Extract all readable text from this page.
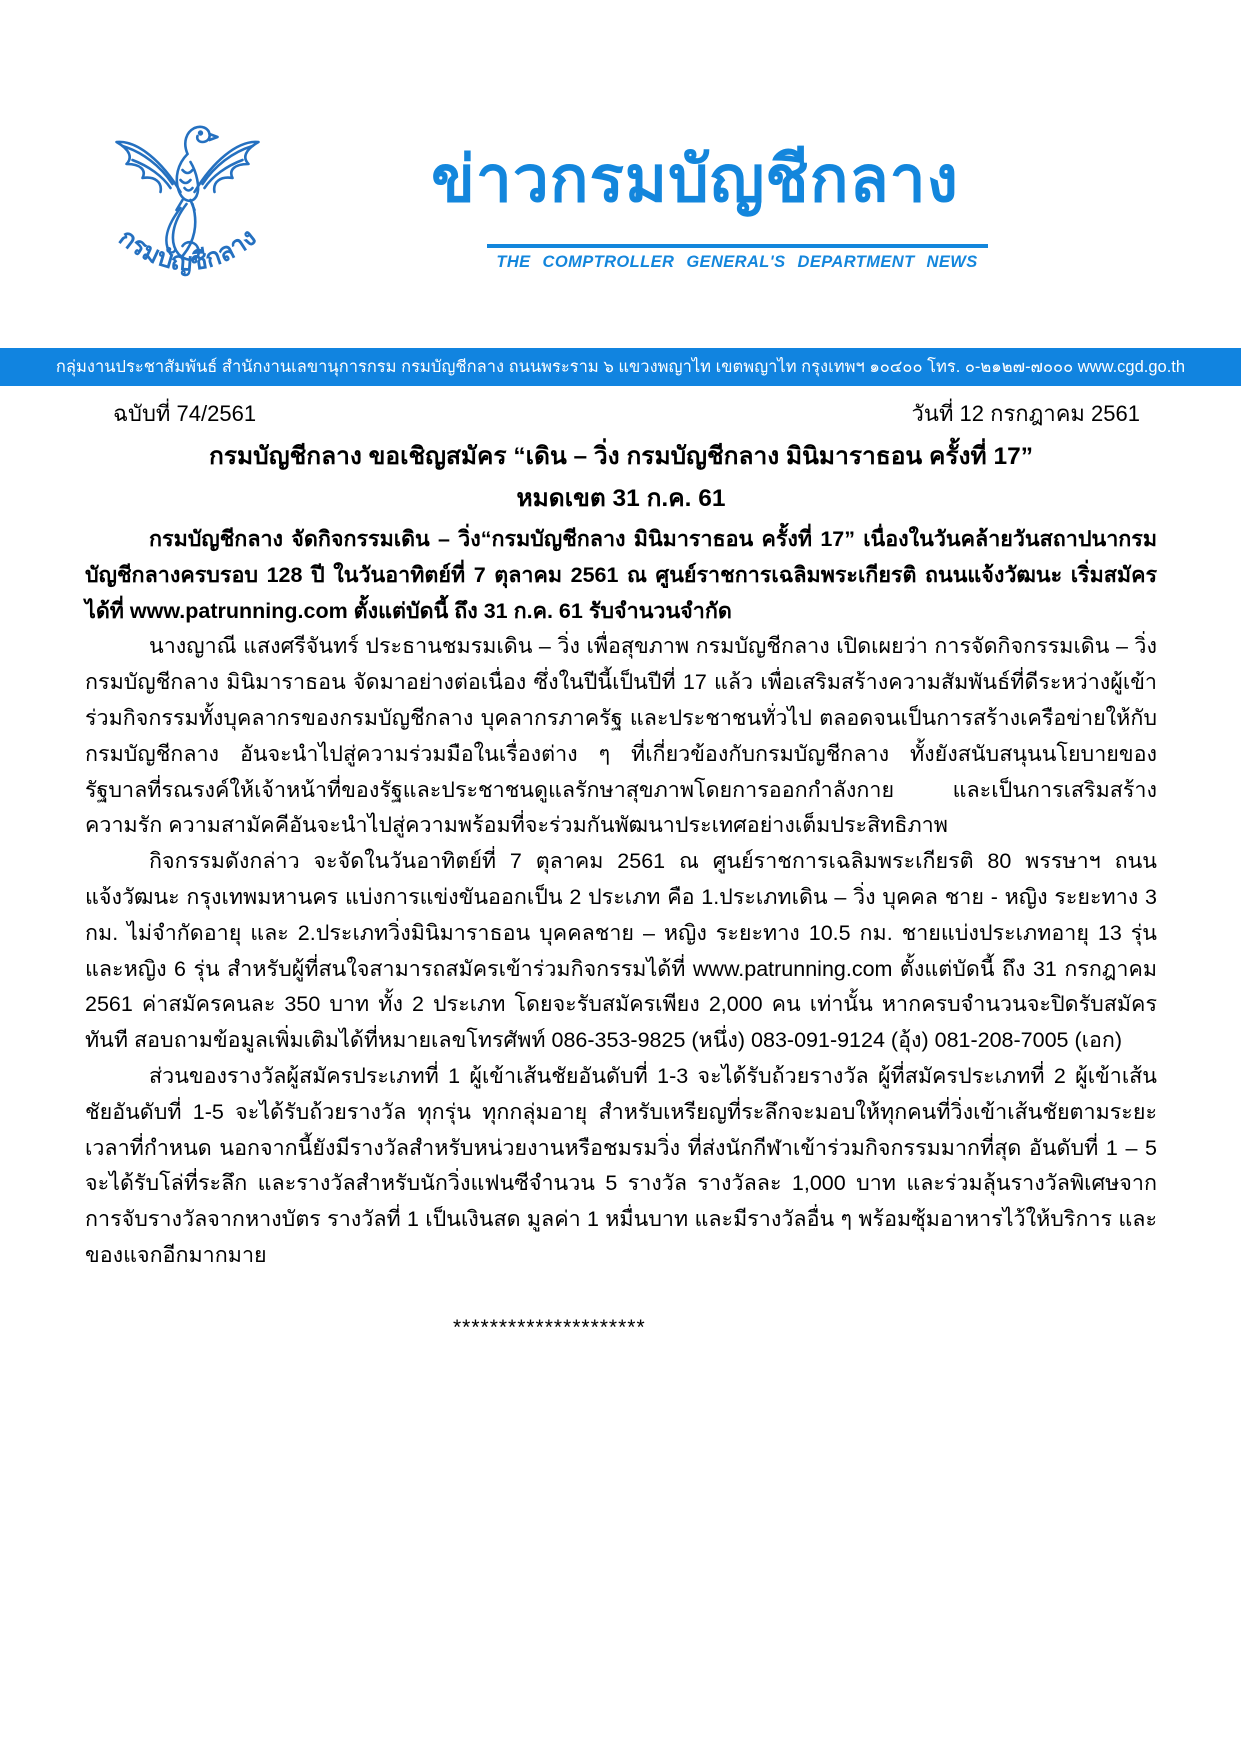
กรมบัญชีกลาง
ข่าวกรมบัญชีกลาง
THE COMPTROLLER GENERAL'S DEPARTMENT NEWS
กลุ่มงานประชาสัมพันธ์ สำนักงานเลขานุการกรม กรมบัญชีกลาง ถนนพระราม ๖ แขวงพญาไท เขตพญาไท กรุงเทพฯ ๑๐๔๐๐ โทร. ๐-๒๑๒๗-๗๐๐๐ www.cgd.go.th
ฉบับที่ 74/2561	วันที่ 12 กรกฎาคม 2561
กรมบัญชีกลาง ขอเชิญสมัคร “เดิน – วิ่ง กรมบัญชีกลาง มินิมาราธอน ครั้งที่ 17”
หมดเขต 31 ก.ค. 61

กรมบัญชีกลาง จัดกิจกรรมเดิน – วิ่ง“กรมบัญชีกลาง มินิมาราธอน ครั้งที่ 17” เนื่องในวันคล้ายวันสถาปนากรมบัญชีกลางครบรอบ 128 ปี ในวันอาทิตย์ที่ 7 ตุลาคม 2561 ณ ศูนย์ราชการเฉลิมพระเกียรติ ถนนแจ้งวัฒนะ เริ่มสมัครได้ที่ www.patrunning.com ตั้งแต่บัดนี้ ถึง 31 ก.ค. 61 รับจำนวนจำกัด

นางญาณี แสงศรีจันทร์ ประธานชมรมเดิน – วิ่ง เพื่อสุขภาพ กรมบัญชีกลาง เปิดเผยว่า การจัดกิจกรรมเดิน – วิ่ง กรมบัญชีกลาง มินิมาราธอน จัดมาอย่างต่อเนื่อง ซึ่งในปีนี้เป็นปีที่ 17 แล้ว เพื่อเสริมสร้างความสัมพันธ์ที่ดีระหว่างผู้เข้าร่วมกิจกรรมทั้งบุคลากรของกรมบัญชีกลาง บุคลากรภาครัฐ และประชาชนทั่วไป ตลอดจนเป็นการสร้างเครือข่ายให้กับกรมบัญชีกลาง อันจะนำไปสู่ความร่วมมือในเรื่องต่าง ๆ ที่เกี่ยวข้องกับกรมบัญชีกลาง ทั้งยังสนับสนุนนโยบายของรัฐบาลที่รณรงค์ให้เจ้าหน้าที่ของรัฐและประชาชนดูแลรักษาสุขภาพโดยการออกกำลังกาย และเป็นการเสริมสร้างความรัก ความสามัคคีอันจะนำไปสู่ความพร้อมที่จะร่วมกันพัฒนาประเทศอย่างเต็มประสิทธิภาพ

กิจกรรมดังกล่าว จะจัดในวันอาทิตย์ที่ 7 ตุลาคม 2561 ณ ศูนย์ราชการเฉลิมพระเกียรติ 80 พรรษาฯ ถนนแจ้งวัฒนะ กรุงเทพมหานคร แบ่งการแข่งขันออกเป็น 2 ประเภท คือ 1.ประเภทเดิน – วิ่ง บุคคล ชาย - หญิง ระยะทาง 3 กม. ไม่จำกัดอายุ และ 2.ประเภทวิ่งมินิมาราธอน บุคคลชาย – หญิง ระยะทาง 10.5 กม. ชายแบ่งประเภทอายุ 13 รุ่น และหญิง 6 รุ่น สำหรับผู้ที่สนใจสามารถสมัครเข้าร่วมกิจกรรมได้ที่ www.patrunning.com ตั้งแต่บัดนี้ ถึง 31 กรกฎาคม 2561 ค่าสมัครคนละ 350 บาท ทั้ง 2 ประเภท โดยจะรับสมัครเพียง 2,000 คน เท่านั้น หากครบจำนวนจะปิดรับสมัครทันที สอบถามข้อมูลเพิ่มเติมได้ที่หมายเลขโทรศัพท์ 086-353-9825 (หนึ่ง) 083-091-9124 (อุ้ง) 081-208-7005 (เอก)

ส่วนของรางวัลผู้สมัครประเภทที่ 1 ผู้เข้าเส้นชัยอันดับที่ 1-3 จะได้รับถ้วยรางวัล ผู้ที่สมัครประเภทที่ 2 ผู้เข้าเส้นชัยอันดับที่ 1-5 จะได้รับถ้วยรางวัล ทุกรุ่น ทุกกลุ่มอายุ สำหรับเหรียญที่ระลึกจะมอบให้ทุกคนที่วิ่งเข้าเส้นชัยตามระยะเวลาที่กำหนด นอกจากนี้ยังมีรางวัลสำหรับหน่วยงานหรือชมรมวิ่ง ที่ส่งนักกีฬาเข้าร่วมกิจกรรมมากที่สุด อันดับที่ 1 – 5 จะได้รับโล่ที่ระลึก และรางวัลสำหรับนักวิ่งแฟนซีจำนวน 5 รางวัล รางวัลละ 1,000 บาท และร่วมลุ้นรางวัลพิเศษจากการจับรางวัลจากหางบัตร รางวัลที่ 1 เป็นเงินสด มูลค่า 1 หมื่นบาท และมีรางวัลอื่น ๆ พร้อมซุ้มอาหารไว้ให้บริการ และของแจกอีกมากมาย

*********************
